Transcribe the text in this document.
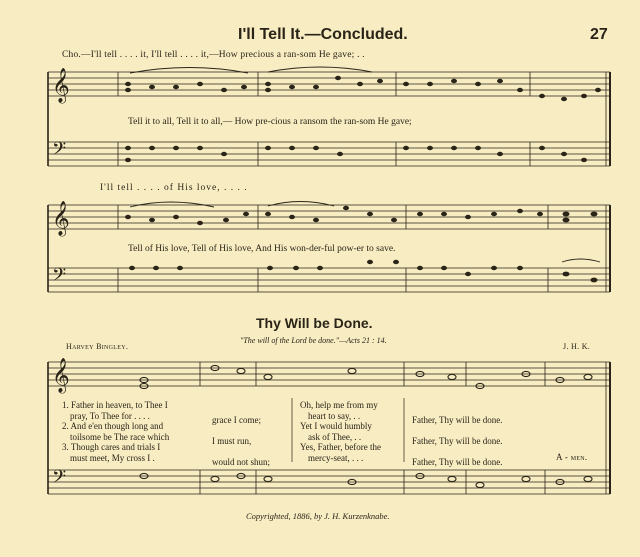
I'll Tell It.—Concluded.	27
𝄞
𝄢
𝄞
𝄢
𝄞
𝄢
Cho.—I'll tell . . . . it, I'll tell . . . . it,—How precious a ran-som He gave; . .
Tell it to all, Tell it to all,— How pre-cious a ransom the ran-som He gave;
I'll tell . . . . of His love, . . . .
Tell of His love, Tell of His love, And His won-der-ful pow-er to save.
Thy Will be Done.
Harvey Bingley.
"The will of the Lord be done."—Acts 21 : 14.
J. H. K.
1. Father in heaven, to Thee I
pray, To Thee for . . . .
2. And e'en though long and
toilsome be The race which
3. Though cares and trials I
must meet, My cross I .
grace I come;
I must run,
would not shun;
Oh, help me from my
heart to say, . .
Yet I would humbly
ask of Thee, . .
Yes, Father, before the
mercy-seat, . . .
Father, Thy will be done.
Father, Thy will be done.
Father, Thy will be done.	A - men.
Copyrighted, 1886, by J. H. Kurzenknabe.
